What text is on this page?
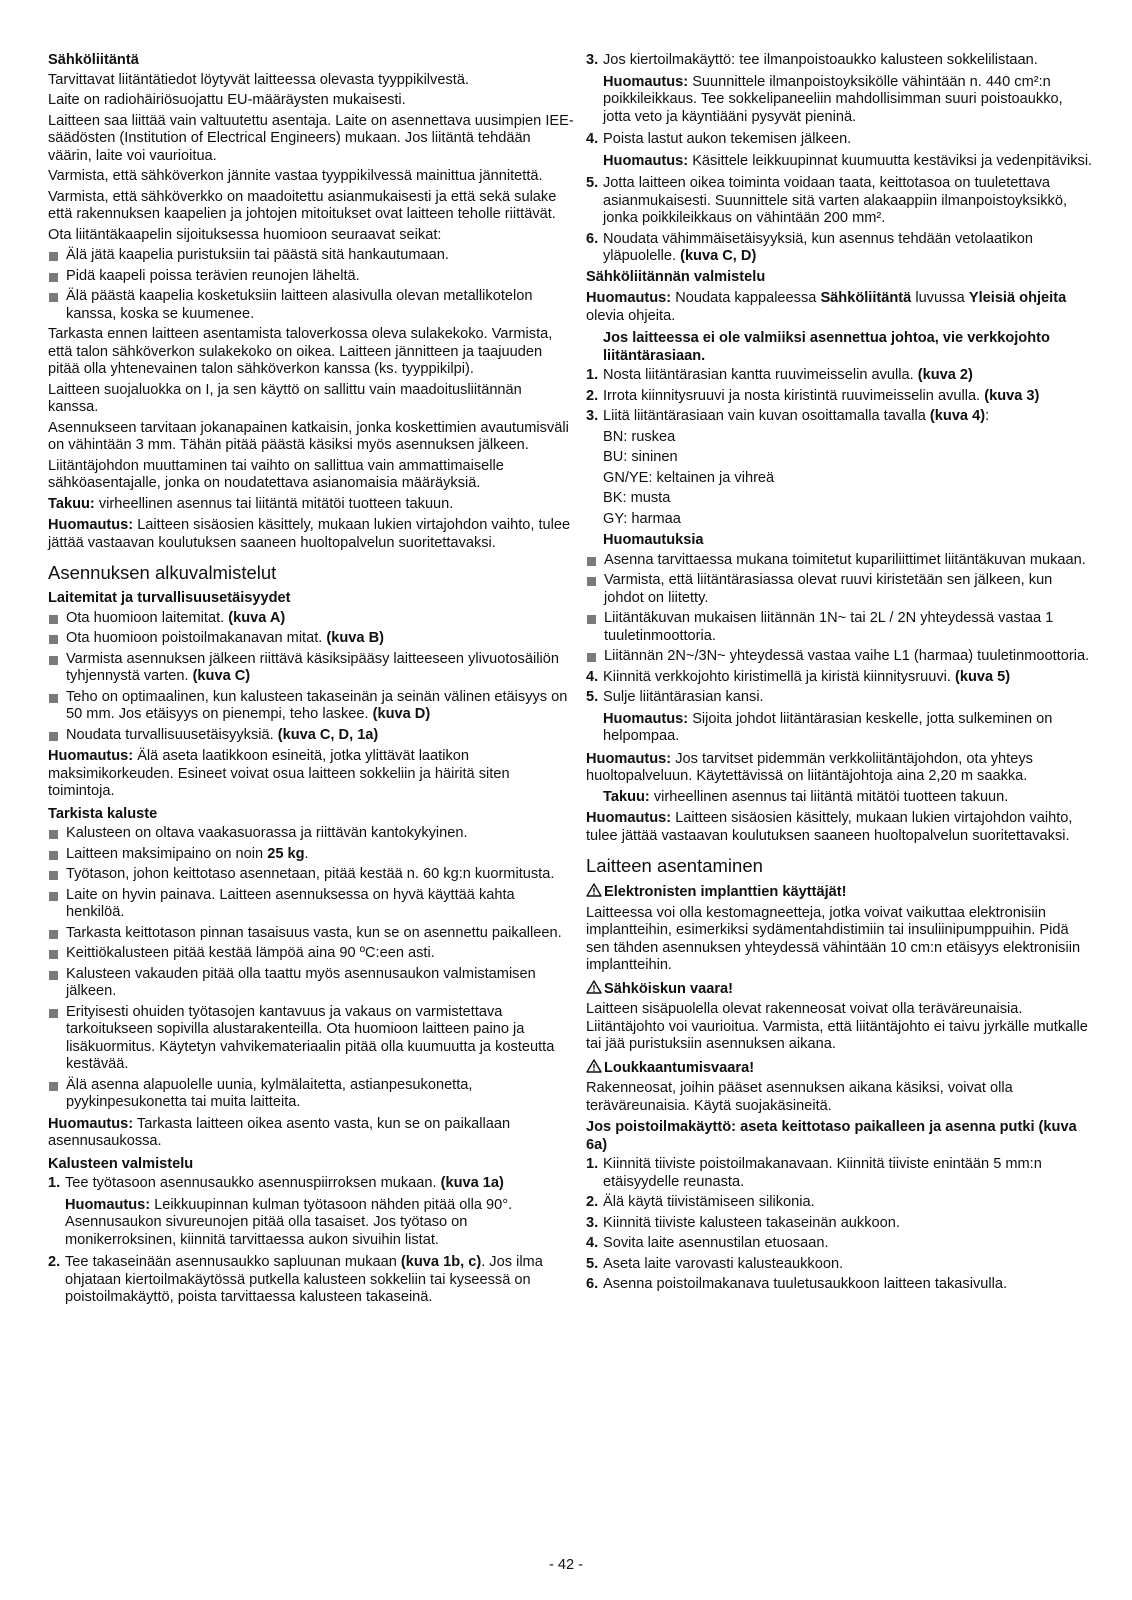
Sähköliitäntä
Tarvittavat liitäntätiedot löytyvät laitteessa olevasta tyyppikilvestä.
Laite on radiohäiriösuojattu EU-määräysten mukaisesti.
Laitteen saa liittää vain valtuutettu asentaja. Laite on asennettava uusimpien IEE-säädösten (Institution of Electrical Engineers) mukaan. Jos liitäntä tehdään väärin, laite voi vaurioitua.
Varmista, että sähköverkon jännite vastaa tyyppikilvessä mainittua jännitettä.
Varmista, että sähköverkko on maadoitettu asianmukaisesti ja että sekä sulake että rakennuksen kaapelien ja johtojen mitoitukset ovat laitteen teholle riittävät.
Ota liitäntäkaapelin sijoituksessa huomioon seuraavat seikat:
Älä jätä kaapelia puristuksiin tai päästä sitä hankautumaan.
Pidä kaapeli poissa terävien reunojen läheltä.
Älä päästä kaapelia kosketuksiin laitteen alasivulla olevan metallikotelon kanssa, koska se kuumenee.
Tarkasta ennen laitteen asentamista taloverkossa oleva sulakekoko. Varmista, että talon sähköverkon sulakekoko on oikea. Laitteen jännitteen ja taajuuden pitää olla yhtenevainen talon sähköverkon kanssa (ks. tyyppikilpi).
Laitteen suojaluokka on I, ja sen käyttö on sallittu vain maadoitusliitännän kanssa.
Asennukseen tarvitaan jokanapainen katkaisin, jonka koskettimien avautumisväli on vähintään 3 mm. Tähän pitää päästä käsiksi myös asennuksen jälkeen.
Liitäntäjohdon muuttaminen tai vaihto on sallittua vain ammattimaiselle sähköasentajalle, jonka on noudatettava asianomaisia määräyksiä.
Takuu: virheellinen asennus tai liitäntä mitätöi tuotteen takuun.
Huomautus: Laitteen sisäosien käsittely, mukaan lukien virtajohdon vaihto, tulee jättää vastaavan koulutuksen saaneen huoltopalvelun suoritettavaksi.
Asennuksen alkuvalmistelut
Laitemitat ja turvallisuusetäisyydet
Ota huomioon laitemitat. (kuva A)
Ota huomioon poistoilmakanavan mitat. (kuva B)
Varmista asennuksen jälkeen riittävä käsiksipääsy laitteeseen ylivuotosäiliön tyhjennystä varten. (kuva C)
Teho on optimaalinen, kun kalusteen takaseinän ja seinän välinen etäisyys on 50 mm. Jos etäisyys on pienempi, teho laskee. (kuva D)
Noudata turvallisuusetäisyyksiä. (kuva C, D, 1a)
Huomautus: Älä aseta laatikkoon esineitä, jotka ylittävät laatikon maksimikorkeuden. Esineet voivat osua laitteen sokkeliin ja häiritä siten toimintoja.
Tarkista kaluste
Kalusteen on oltava vaakasuorassa ja riittävän kantokykyinen.
Laitteen maksimipaino on noin 25 kg.
Työtason, johon keittotaso asennetaan, pitää kestää n. 60 kg:n kuormitusta.
Laite on hyvin painava. Laitteen asennuksessa on hyvä käyttää kahta henkilöä.
Tarkasta keittotason pinnan tasaisuus vasta, kun se on asennettu paikalleen.
Keittiökalusteen pitää kestää lämpöä aina 90 ºC:een asti.
Kalusteen vakauden pitää olla taattu myös asennusaukon valmistamisen jälkeen.
Erityisesti ohuiden työtasojen kantavuus ja vakaus on varmistettava tarkoitukseen sopivilla alustarakenteilla. Ota huomioon laitteen paino ja lisäkuormitus. Käytetyn vahvikemateriaalin pitää olla kuumuutta ja kosteutta kestävää.
Älä asenna alapuolelle uunia, kylmälaitetta, astianpesukonetta, pyykinpesukonetta tai muita laitteita.
Huomautus: Tarkasta laitteen oikea asento vasta, kun se on paikallaan asennusaukossa.
Kalusteen valmistelu
1. Tee työtasoon asennusaukko asennuspiirroksen mukaan. (kuva 1a)
Huomautus: Leikkuupinnan kulman työtasoon nähden pitää olla 90°. Asennusaukon sivureunojen pitää olla tasaiset. Jos työtaso on monikerroksinen, kiinnitä tarvittaessa aukon sivuihin listat.
2. Tee takaseinään asennusaukko sapluunan mukaan (kuva 1b, c). Jos ilma ohjataan kiertoilmakäytössä putkella kalusteen sokkeliin tai kyseessä on poistoilmakäyttö, poista tarvittaessa kalusteen takaseinä.
3. Jos kiertoilmakäyttö: tee ilmanpoistoaukko kalusteen sokkelilistaan.
Huomautus: Suunnittele ilmanpoistoyksikölle vähintään n. 440 cm²:n poikkileikkaus. Tee sokkelipaneeliin mahdollisimman suuri poistoaukko, jotta veto ja käyntiääni pysyvät pieninä.
4. Poista lastut aukon tekemisen jälkeen.
Huomautus: Käsittele leikkuupinnat kuumuutta kestäviksi ja vedenpitäviksi.
5. Jotta laitteen oikea toiminta voidaan taata, keittotasoa on tuuletettava asianmukaisesti. Suunnittele sitä varten alakaappiin ilmanpoistoyksikkö, jonka poikkileikkaus on vähintään 200 mm².
6. Noudata vähimmäisetäisyyksiä, kun asennus tehdään vetolaatikon yläpuolelle. (kuva C, D)
Sähköliitännän valmistelu
Huomautus: Noudata kappaleessa Sähköliitäntä luvussa Yleisiä ohjeita olevia ohjeita.
Jos laitteessa ei ole valmiiksi asennettua johtoa, vie verkkojohto liitäntärasiaan.
1. Nosta liitäntärasian kantta ruuvimeisselin avulla. (kuva 2)
2. Irrota kiinnitysruuvi ja nosta kiristintä ruuvimeisselin avulla. (kuva 3)
3. Liitä liitäntärasiaan vain kuvan osoittamalla tavalla (kuva 4):
BN: ruskea
BU: sininen
GN/YE: keltainen ja vihreä
BK: musta
GY: harmaa
Huomautuksia
Asenna tarvittaessa mukana toimitetut kupariliittimet liitäntäkuvan mukaan.
Varmista, että liitäntärasiassa olevat ruuvi kiristetään sen jälkeen, kun johdot on liitetty.
Liitäntäkuvan mukaisen liitännän 1N~ tai 2L / 2N yhteydessä vastaa 1 tuuletinmoottoria.
Liitännän 2N~/3N~ yhteydessä vastaa vaihe L1 (harmaa) tuuletinmoottoria.
4. Kiinnitä verkkojohto kiristimellä ja kiristä kiinnitysruuvi. (kuva 5)
5. Sulje liitäntärasian kansi.
Huomautus: Sijoita johdot liitäntärasian keskelle, jotta sulkeminen on helpompaa.
Huomautus: Jos tarvitset pidemmän verkkoliitäntäjohdon, ota yhteys huoltopalveluun. Käytettävissä on liitäntäjohtoja aina 2,20 m saakka.
Takuu: virheellinen asennus tai liitäntä mitätöi tuotteen takuun.
Huomautus: Laitteen sisäosien käsittely, mukaan lukien virtajohdon vaihto, tulee jättää vastaavan koulutuksen saaneen huoltopalvelun suoritettavaksi.
Laitteen asentaminen
Elektronisten implanttien käyttäjät!
Laitteessa voi olla kestomagneetteja, jotka voivat vaikuttaa elektronisiin implantteihin, esimerkiksi sydämentahdistimiin tai insuliinipumppuihin. Pidä sen tähden asennuksen yhteydessä vähintään 10 cm:n etäisyys elektronisiin implantteihin.
Sähköiskun vaara!
Laitteen sisäpuolella olevat rakenneosat voivat olla teräväreunaisia. Liitäntäjohto voi vaurioitua. Varmista, että liitäntäjohto ei taivu jyrkälle mutkalle tai jää puristuksiin asennuksen aikana.
Loukkaantumisvaara!
Rakenneosat, joihin pääset asennuksen aikana käsiksi, voivat olla teräväreunaisia. Käytä suojakäsineitä.
Jos poistoilmakäyttö: aseta keittotaso paikalleen ja asenna putki (kuva 6a)
1. Kiinnitä tiiviste poistoilmakanavaan. Kiinnitä tiiviste enintään 5 mm:n etäisyydelle reunasta.
2. Älä käytä tiivistämiseen silikonia.
3. Kiinnitä tiiviste kalusteen takaseinän aukkoon.
4. Sovita laite asennustilan etuosaan.
5. Aseta laite varovasti kalusteaukkoon.
6. Asenna poistoilmakanava tuuletusaukkoon laitteen takasivulla.
- 42 -
